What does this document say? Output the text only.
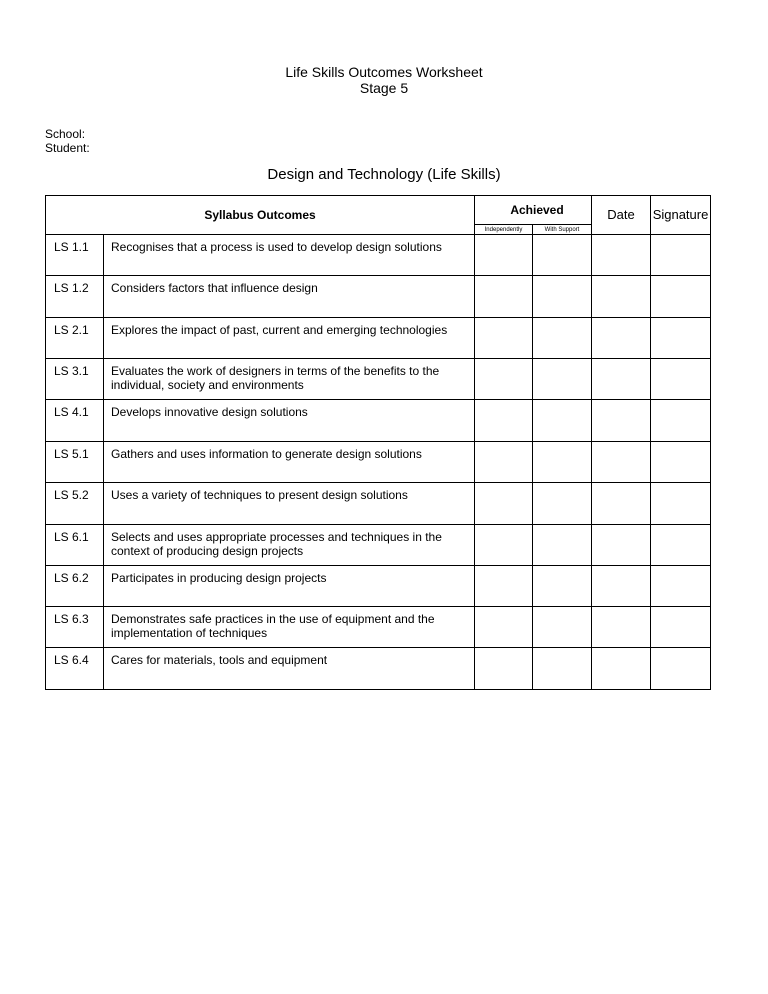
Life Skills Outcomes Worksheet
Stage 5
School:
Student:
Design and Technology (Life Skills)
Syllabus Outcomes		Achieved		Date	Signature
		Independently	With Support		
LS 1.1	Recognises that a process is used to develop design solutions				
LS 1.2	Considers factors that influence design				
LS 2.1	Explores the impact of past, current and emerging technologies				
LS 3.1	Evaluates the work of designers in terms of the benefits to the individual, society and environments				
LS 4.1	Develops innovative design solutions				
LS 5.1	Gathers and uses information to generate design solutions				
LS 5.2	Uses a variety of techniques to present design solutions				
LS 6.1	Selects and uses appropriate processes and techniques in the context of producing design projects				
LS 6.2	Participates in producing design projects				
LS 6.3	Demonstrates safe practices in the use of equipment and the implementation of techniques				
LS 6.4	Cares for materials, tools and equipment				
